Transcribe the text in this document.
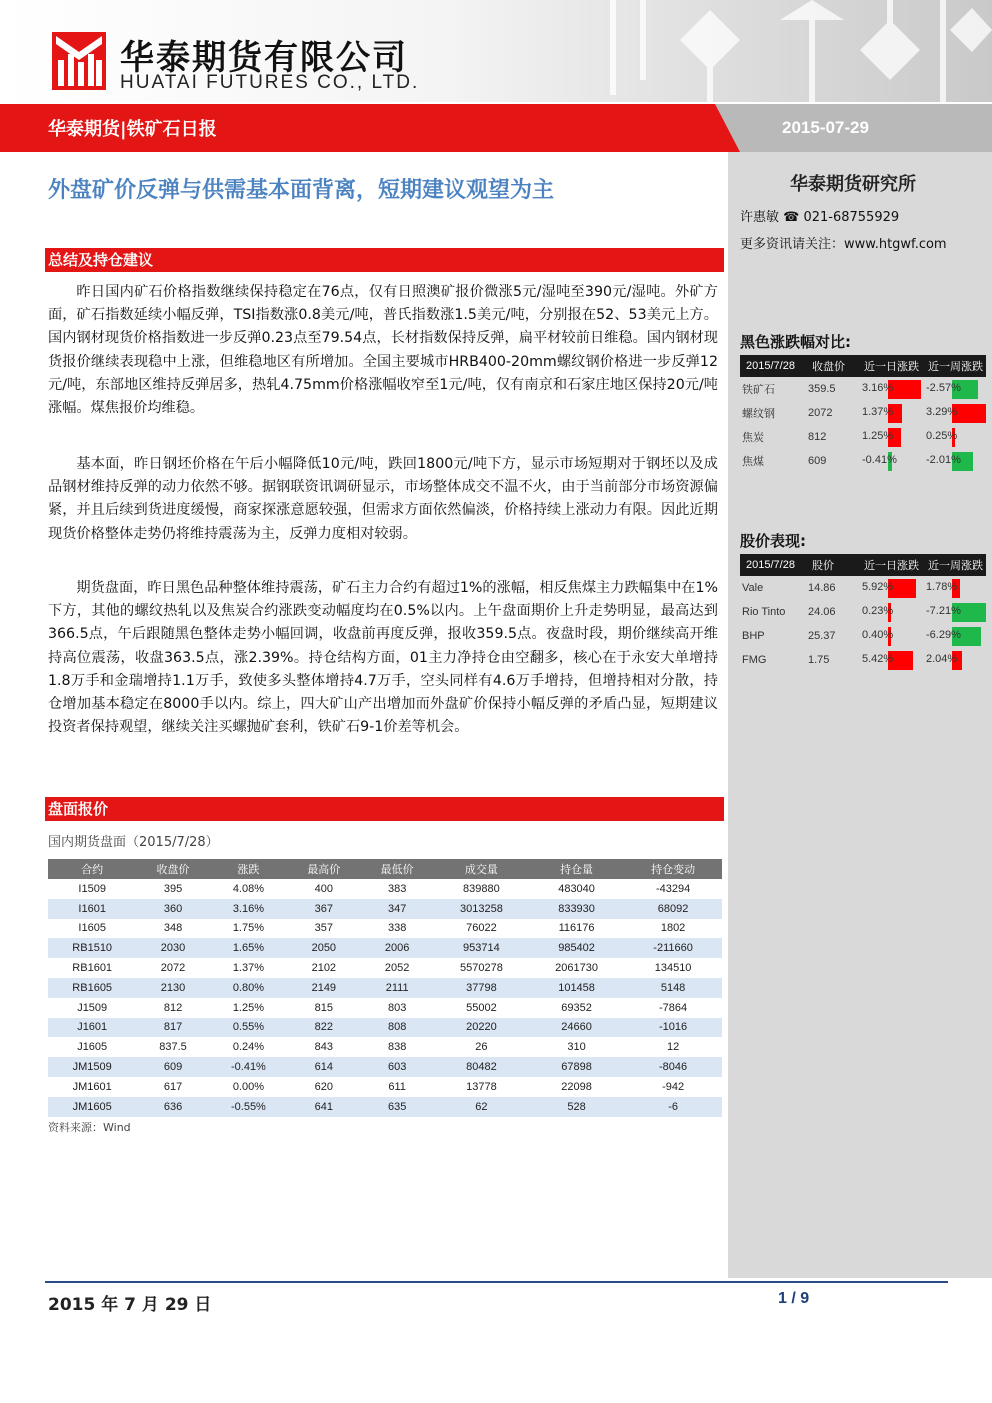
华泰期货有限公司
HUATAI FUTURES CO., LTD.
华泰期货|铁矿石日报	2015-07-29
华泰期货研究所
许惠敏 ☎ 021-68755929
更多资讯请关注：www.htgwf.com
黑色涨跌幅对比:
2015/7/28	收盘价	近一日涨跌	近一周涨跌
铁矿石	359.5	3.16%	-2.57%

螺纹钢	2072	1.37%	3.29%

焦炭	812	1.25%	0.25%

焦煤	609	-0.41%	-2.01%
股价表现:
2015/7/28	股价	近一日涨跌	近一周涨跌
Vale	14.86	5.92%	1.78%

Rio Tinto	24.06	0.23%	-7.21%

BHP	25.37	0.40%	-6.29%

FMG	1.75	5.42%	2.04%
外盘矿价反弹与供需基本面背离，短期建议观望为主
总结及持仓建议
昨日国内矿石价格指数继续保持稳定在76点，仅有日照澳矿报价微涨5元/湿吨至390元/湿吨。外矿方面，矿石指数延续小幅反弹，TSI指数涨0.8美元/吨，普氏指数涨1.5美元/吨，分别报在52、53美元上方。国内钢材现货价格指数进一步反弹0.23点至79.54点，长材指数保持反弹，扁平材较前日维稳。国内钢材现货报价继续表现稳中上涨，但维稳地区有所增加。全国主要城市HRB400-20mm螺纹钢价格进一步反弹12元/吨，东部地区维持反弹居多，热轧4.75mm价格涨幅收窄至1元/吨，仅有南京和石家庄地区保持20元/吨涨幅。煤焦报价均维稳。
基本面，昨日钢坯价格在午后小幅降低10元/吨，跌回1800元/吨下方，显示市场短期对于钢坯以及成品钢材维持反弹的动力依然不够。据钢联资讯调研显示，市场整体成交不温不火，由于当前部分市场资源偏紧，并且后续到货进度缓慢，商家探涨意愿较强，但需求方面依然偏淡，价格持续上涨动力有限。因此近期现货价格整体走势仍将维持震荡为主，反弹力度相对较弱。
期货盘面，昨日黑色品种整体维持震荡，矿石主力合约有超过1%的涨幅，相反焦煤主力跌幅集中在1%下方，其他的螺纹热轧以及焦炭合约涨跌变动幅度均在0.5%以内。上午盘面期价上升走势明显，最高达到366.5点，午后跟随黑色整体走势小幅回调，收盘前再度反弹，报收359.5点。夜盘时段，期价继续高开维持高位震荡，收盘363.5点，涨2.39%。持仓结构方面，01主力净持仓由空翻多，核心在于永安大单增持1.8万手和金瑞增持1.1万手，致使多头整体增持4.7万手，空头同样有4.6万手增持，但增持相对分散，持仓增加基本稳定在8000手以内。综上，四大矿山产出增加而外盘矿价保持小幅反弹的矛盾凸显，短期建议投资者保持观望，继续关注买螺抛矿套利，铁矿石9-1价差等机会。
盘面报价
国内期货盘面（2015/7/28）
合约	收盘价	涨跌	最高价	最低价	成交量	持仓量	持仓变动
I1509	395	4.08%	400	383	839880	483040	-43294
I1601	360	3.16%	367	347	3013258	833930	68092
I1605	348	1.75%	357	338	76022	116176	1802
RB1510	2030	1.65%	2050	2006	953714	985402	-211660
RB1601	2072	1.37%	2102	2052	5570278	2061730	134510
RB1605	2130	0.80%	2149	2111	37798	101458	5148
J1509	812	1.25%	815	803	55002	69352	-7864
J1601	817	0.55%	822	808	20220	24660	-1016
J1605	837.5	0.24%	843	838	26	310	12
JM1509	609	-0.41%	614	603	80482	67898	-8046
JM1601	617	0.00%	620	611	13778	22098	-942
JM1605	636	-0.55%	641	635	62	528	-6
资料来源：Wind
2015 年 7 月 29 日	1 / 9
